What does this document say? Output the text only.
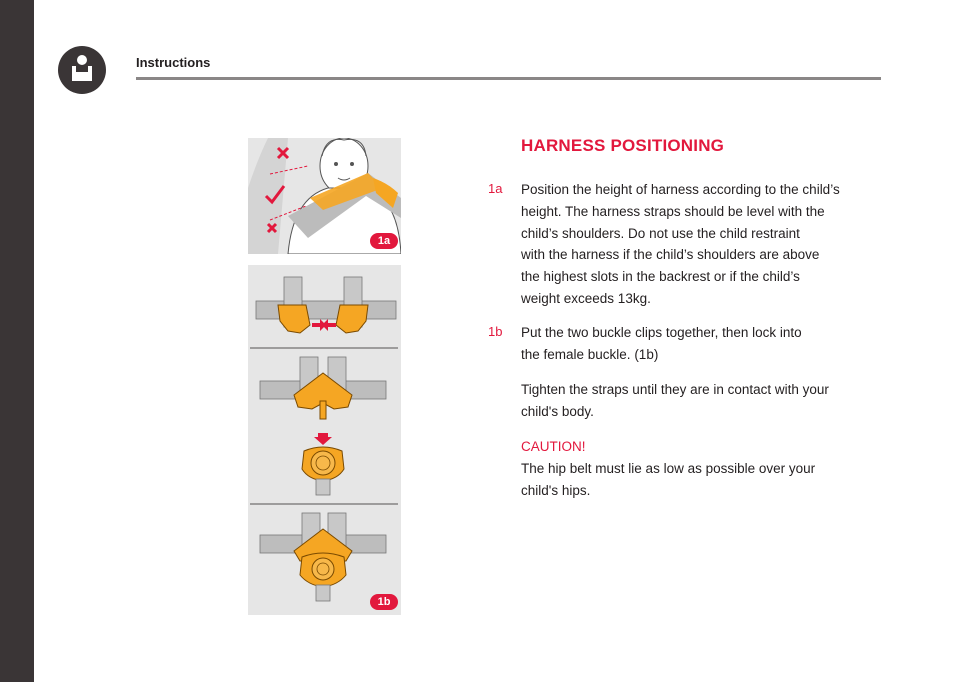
Instructions
1a
1b
HARNESS POSITIONING
1a Position the height of harness according to the child’s
height. The harness straps should be level with the
child’s shoulders. Do not use the child restraint
with the harness if the child’s shoulders are above
the highest slots in the backrest or if the child’s
weight exceeds 13kg.
1b Put the two buckle clips together, then lock into
the female buckle. (1b)
Tighten the straps until they are in contact with your
child's body.
CAUTION!
The hip belt must lie as low as possible over your
child's hips.
